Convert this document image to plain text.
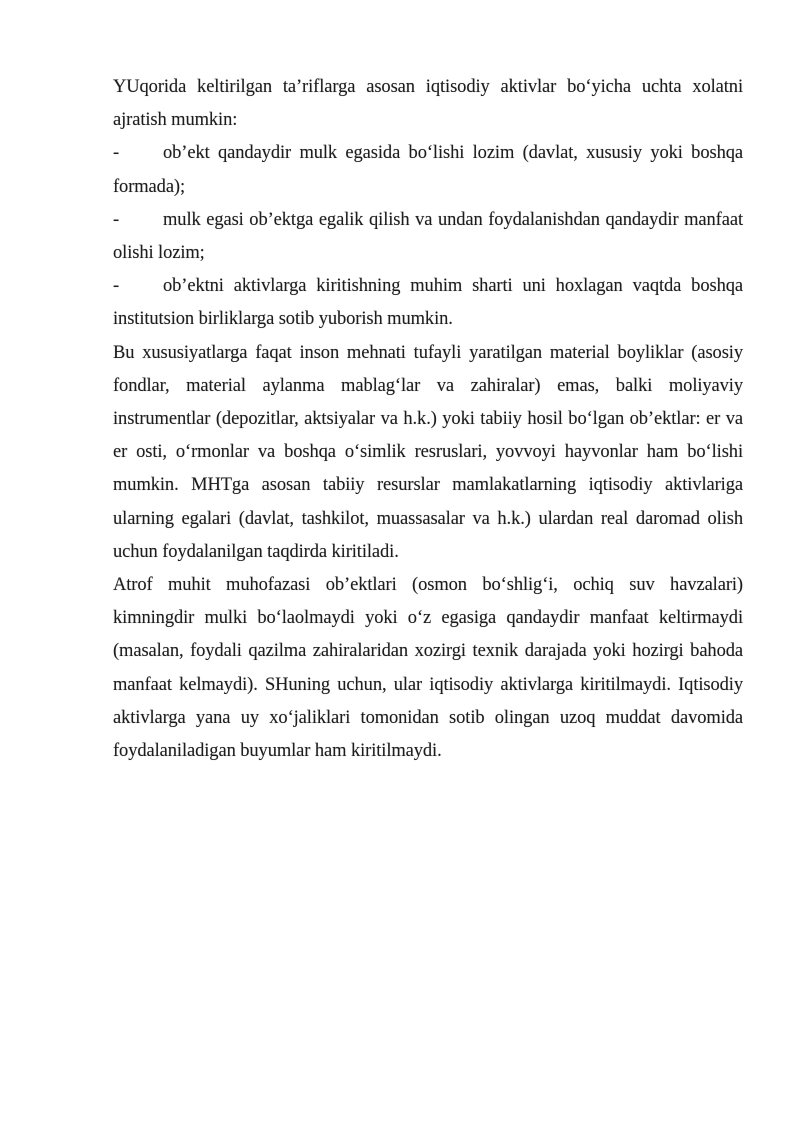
YUqorida keltirilgan ta’riflarga asosan iqtisodiy aktivlar boʻyicha uchta xolatni
ajratish mumkin:
- ob’ekt qandaydir mulk egasida boʻlishi lozim (davlat, xususiy yoki boshqa
formada);
- mulk egasi ob’ektga egalik qilish va undan foydalanishdan qandaydir manfaat
olishi lozim;
- ob’ektni aktivlarga kiritishning muhim sharti uni hoxlagan vaqtda boshqa
institutsion birliklarga sotib yuborish mumkin.
Bu xususiyatlarga faqat inson mehnati tufayli yaratilgan material boyliklar (asosiy
fondlar, material aylanma mablagʻlar va zahiralar) emas, balki moliyaviy
instrumentlar (depozitlar, aktsiyalar va h.k.) yoki tabiiy hosil boʻlgan ob’ektlar: er va
er osti, oʻrmonlar va boshqa oʻsimlik resruslari, yovvoyi hayvonlar ham boʻlishi
mumkin. MHTga asosan tabiiy resurslar mamlakatlarning iqtisodiy aktivlariga
ularning egalari (davlat, tashkilot, muassasalar va h.k.) ulardan real daromad olish
uchun foydalanilgan taqdirda kiritiladi.
Atrof muhit muhofazasi ob’ektlari (osmon boʻshligʻi, ochiq suv havzalari)
kimningdir mulki boʻlaolmaydi yoki oʻz egasiga qandaydir manfaat keltirmaydi
(masalan, foydali qazilma zahiralaridan xozirgi texnik darajada yoki hozirgi bahoda
manfaat kelmaydi). SHuning uchun, ular iqtisodiy aktivlarga kiritilmaydi. Iqtisodiy
aktivlarga yana uy xoʻjaliklari tomonidan sotib olingan uzoq muddat davomida
foydalaniladigan buyumlar ham kiritilmaydi.
